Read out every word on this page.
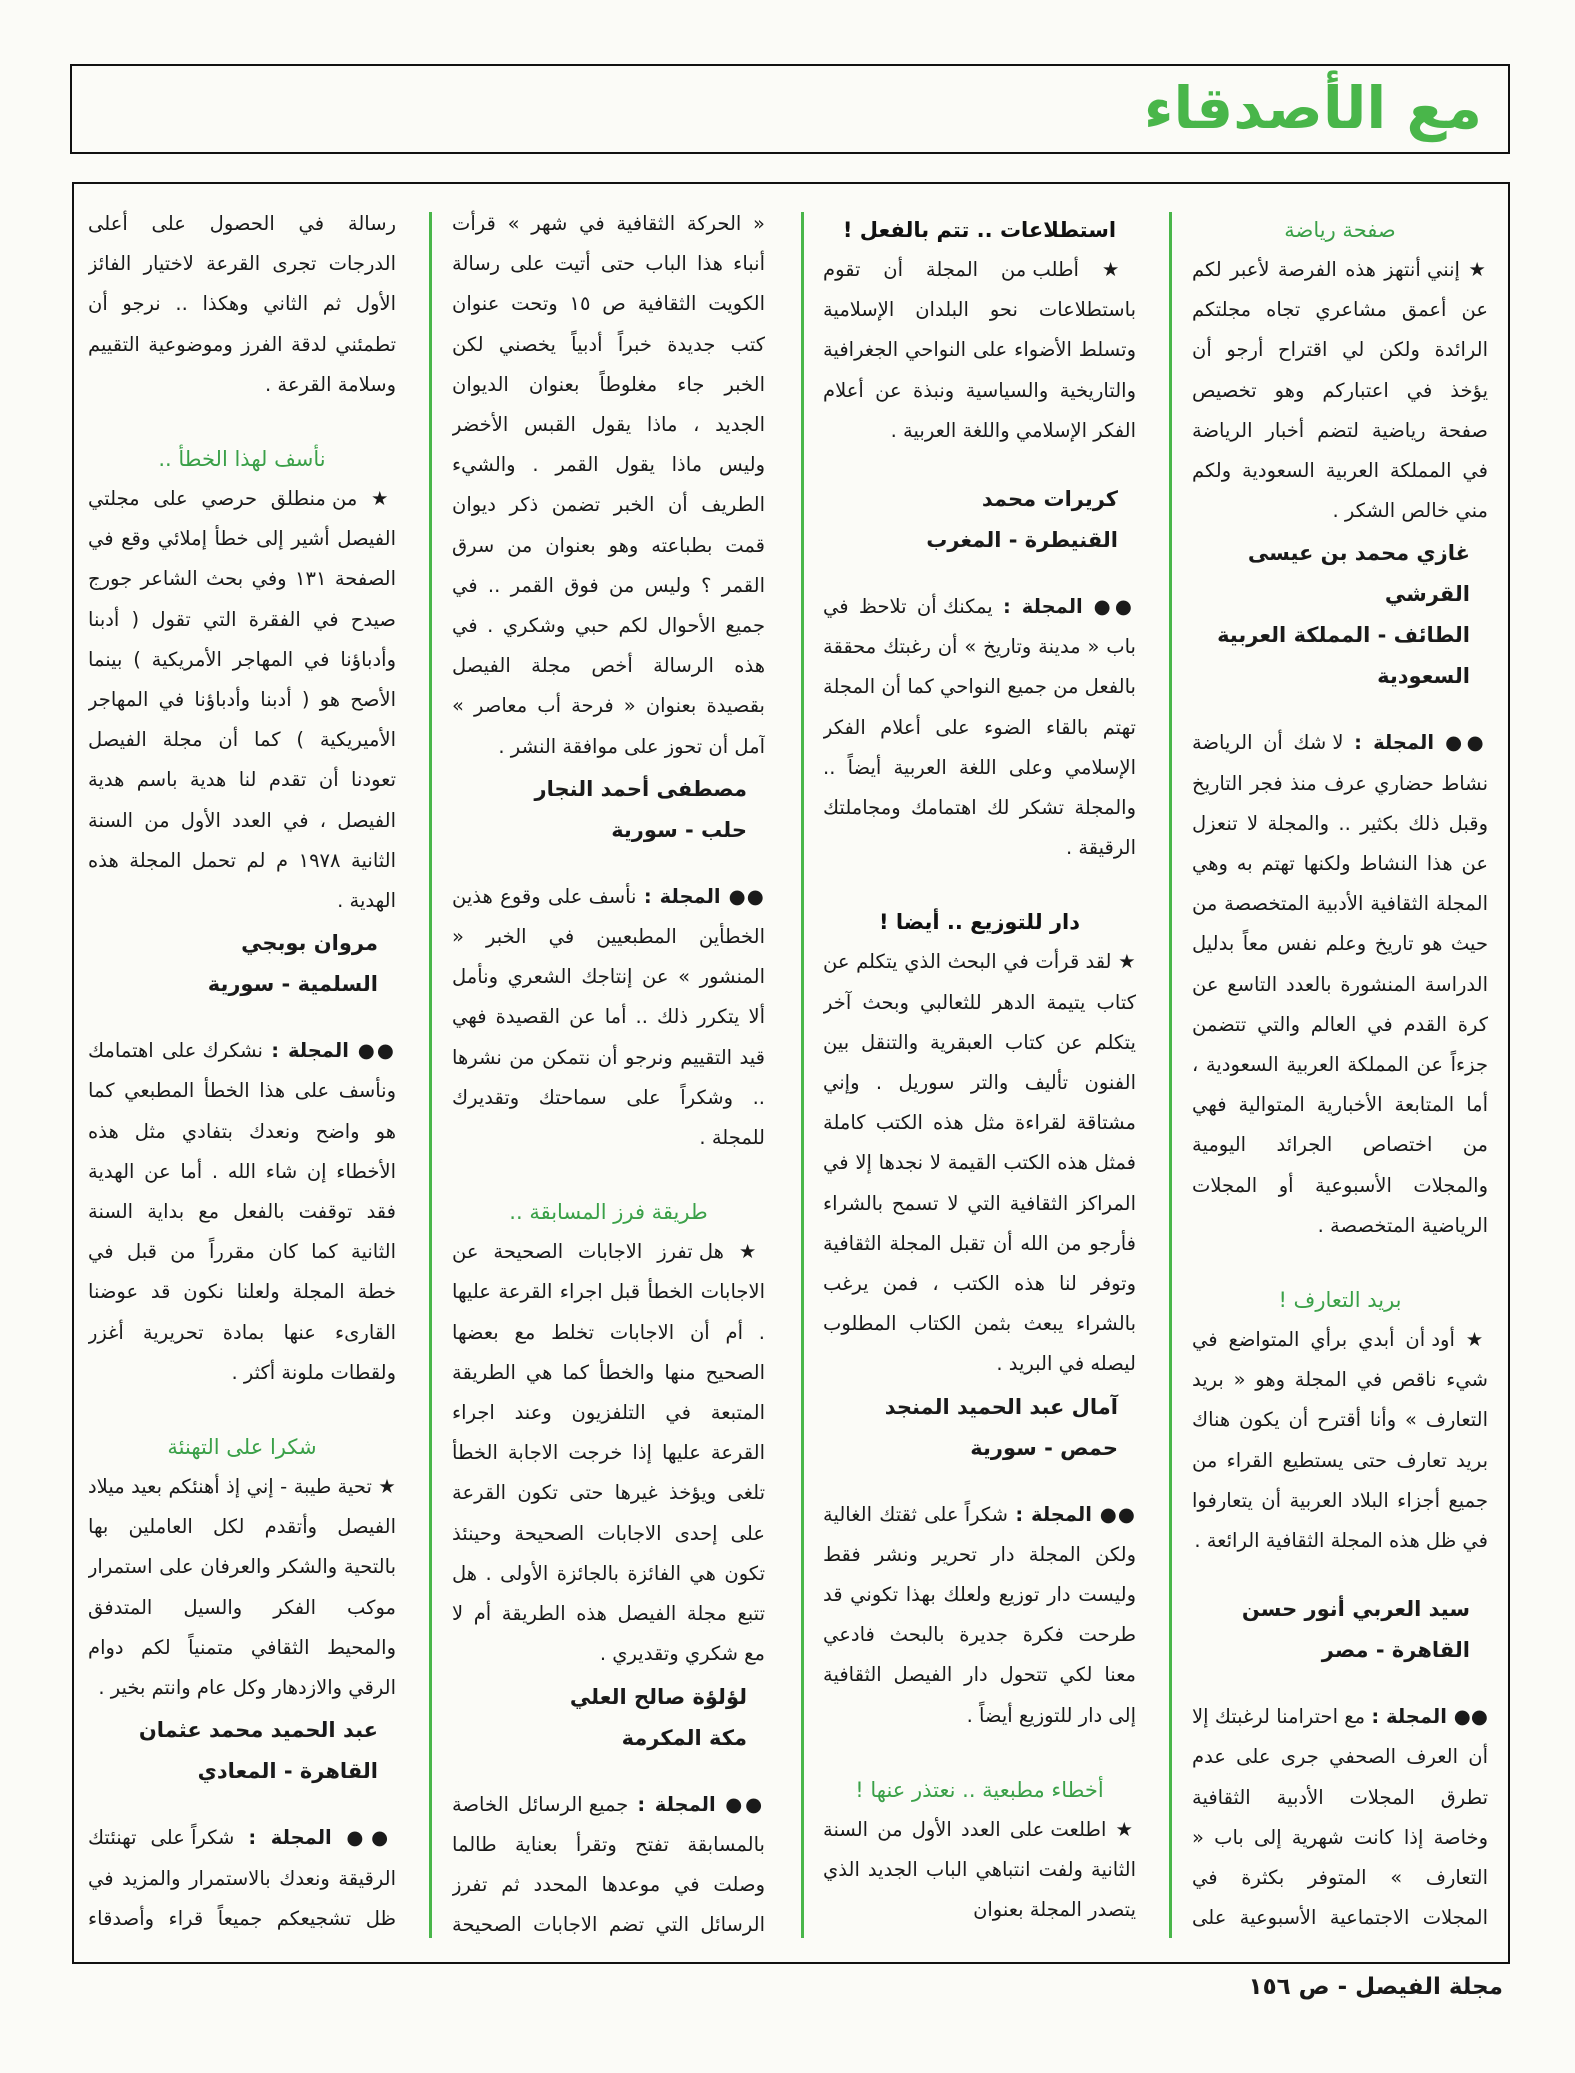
مع الأصدقاء

صفحة رياضة

★ إنني أنتهز هذه الفرصة لأعبر لكم عن أعمق مشاعري تجاه مجلتكم الرائدة ولكن لي اقتراح أرجو أن يؤخذ في اعتباركم وهو تخصيص صفحة رياضية لتضم أخبار الرياضة في المملكة العربية السعودية ولكم مني خالص الشكر .

غازي محمد بن عيسى القرشي

الطائف - المملكة العربية السعودية

●● المجلة : لا شك أن الرياضة نشاط حضاري عرف منذ فجر التاريخ وقبل ذلك بكثير .. والمجلة لا تنعزل عن هذا النشاط ولكنها تهتم به وهي المجلة الثقافية الأدبية المتخصصة من حيث هو تاريخ وعلم نفس معاً بدليل الدراسة المنشورة بالعدد التاسع عن كرة القدم في العالم والتي تتضمن جزءاً عن المملكة العربية السعودية ، أما المتابعة الأخبارية المتوالية فهي من اختصاص الجرائد اليومية والمجلات الأسبوعية أو المجلات الرياضية المتخصصة .

بريد التعارف !

★ أود أن أبدي برأي المتواضع في شيء ناقص في المجلة وهو « بريد التعارف » وأنا أقترح أن يكون هناك بريد تعارف حتى يستطيع القراء من جميع أجزاء البلاد العربية أن يتعارفوا في ظل هذه المجلة الثقافية الرائعة .

سيد العربي أنور حسن

القاهرة - مصر

●● المجلة : مع احترامنا لرغبتك إلا أن العرف الصحفي جرى على عدم تطرق المجلات الأدبية الثقافية وخاصة إذا كانت شهرية إلى باب « التعارف » المتوفر بكثرة في المجلات الاجتماعية الأسبوعية على

استطلاعات .. تتم بالفعل !

★ أطلب من المجلة أن تقوم باستطلاعات نحو البلدان الإسلامية وتسلط الأضواء على النواحي الجغرافية والتاريخية والسياسية ونبذة عن أعلام الفكر الإسلامي واللغة العربية .

كريرات محمد

القنيطرة - المغرب

●● المجلة : يمكنك أن تلاحظ في باب « مدينة وتاريخ » أن رغبتك محققة بالفعل من جميع النواحي كما أن المجلة تهتم بالقاء الضوء على أعلام الفكر الإسلامي وعلى اللغة العربية أيضاً .. والمجلة تشكر لك اهتمامك ومجاملتك الرقيقة .

دار للتوزيع .. أيضا !

★ لقد قرأت في البحث الذي يتكلم عن كتاب يتيمة الدهر للثعالبي وبحث آخر يتكلم عن كتاب العبقرية والتنقل بين الفنون تأليف والتر سوريل . وإني مشتاقة لقراءة مثل هذه الكتب كاملة فمثل هذه الكتب القيمة لا نجدها إلا في المراكز الثقافية التي لا تسمح بالشراء فأرجو من الله أن تقبل المجلة الثقافية وتوفر لنا هذه الكتب ، فمن يرغب بالشراء يبعث بثمن الكتاب المطلوب ليصله في البريد .

آمال عبد الحميد المنجد

حمص - سورية

●● المجلة : شكراً على ثقتك الغالية ولكن المجلة دار تحرير ونشر فقط وليست دار توزيع ولعلك بهذا تكوني قد طرحت فكرة جديرة بالبحث فادعي معنا لكي تتحول دار الفيصل الثقافية إلى دار للتوزيع أيضاً .

أخطاء مطبعية .. نعتذر عنها !

★ اطلعت على العدد الأول من السنة الثانية ولفت انتباهي الباب الجديد الذي يتصدر المجلة بعنوان

« الحركة الثقافية في شهر » قرأت أنباء هذا الباب حتى أتيت على رسالة الكويت الثقافية ص ١٥ وتحت عنوان كتب جديدة خبراً أدبياً يخصني لكن الخبر جاء مغلوطاً بعنوان الديوان الجديد ، ماذا يقول القبس الأخضر وليس ماذا يقول القمر . والشيء الطريف أن الخبر تضمن ذكر ديوان قمت بطباعته وهو بعنوان من سرق القمر ؟ وليس من فوق القمر .. في جميع الأحوال لكم حبي وشكري . في هذه الرسالة أخص مجلة الفيصل بقصيدة بعنوان « فرحة أب معاصر » آمل أن تحوز على موافقة النشر .

مصطفى أحمد النجار

حلب - سورية

●● المجلة : نأسف على وقوع هذين الخطأين المطبعيين في الخبر « المنشور » عن إنتاجك الشعري ونأمل ألا يتكرر ذلك .. أما عن القصيدة فهي قيد التقييم ونرجو أن نتمكن من نشرها .. وشكراً على سماحتك وتقديرك للمجلة .

طريقة فرز المسابقة ..

★ هل تفرز الاجابات الصحيحة عن الاجابات الخطأ قبل اجراء القرعة عليها . أم أن الاجابات تخلط مع بعضها الصحيح منها والخطأ كما هي الطريقة المتبعة في التلفزيون وعند اجراء القرعة عليها إذا خرجت الاجابة الخطأ تلغى ويؤخذ غيرها حتى تكون القرعة على إحدى الاجابات الصحيحة وحينئذ تكون هي الفائزة بالجائزة الأولى . هل تتبع مجلة الفيصل هذه الطريقة أم لا مع شكري وتقديري .

لؤلؤة صالح العلي

مكة المكرمة

●● المجلة : جميع الرسائل الخاصة بالمسابقة تفتح وتقرأ بعناية طالما وصلت في موعدها المحدد ثم تفرز الرسائل التي تضم الاجابات الصحيحة

رسالة في الحصول على أعلى الدرجات تجرى القرعة لاختيار الفائز الأول ثم الثاني وهكذا .. نرجو أن تطمئني لدقة الفرز وموضوعية التقييم وسلامة القرعة .

نأسف لهذا الخطأ ..

★ من منطلق حرصي على مجلتي الفيصل أشير إلى خطأ إملائي وقع في الصفحة ١٣١ وفي بحث الشاعر جورج صيدح في الفقرة التي تقول ( أدبنا وأدباؤنا في المهاجر الأمريكية ) بينما الأصح هو ( أدبنا وأدباؤنا في المهاجر الأميريكية ) كما أن مجلة الفيصل تعودنا أن تقدم لنا هدية باسم هدية الفيصل ، في العدد الأول من السنة الثانية ١٩٧٨ م لم تحمل المجلة هذه الهدية .

مروان بوبجي

السلمية - سورية

●● المجلة : نشكرك على اهتمامك ونأسف على هذا الخطأ المطبعي كما هو واضح ونعدك بتفادي مثل هذه الأخطاء إن شاء الله . أما عن الهدية فقد توقفت بالفعل مع بداية السنة الثانية كما كان مقرراً من قبل في خطة المجلة ولعلنا نكون قد عوضنا القارىء عنها بمادة تحريرية أغزر ولقطات ملونة أكثر .

شكرا على التهنئة

★ تحية طيبة - إني إذ أهنئكم بعيد ميلاد الفيصل وأتقدم لكل العاملين بها بالتحية والشكر والعرفان على استمرار موكب الفكر والسيل المتدفق والمحيط الثقافي متمنياً لكم دوام الرقي والازدهار وكل عام وانتم بخير .

عبد الحميد محمد عثمان

القاهرة - المعادي

●● المجلة : شكراً على تهنئتك الرقيقة ونعدك بالاستمرار والمزيد في ظل تشجيعكم جميعاً قراء وأصدقاء

مجلة الفيصل - ص ١٥٦
